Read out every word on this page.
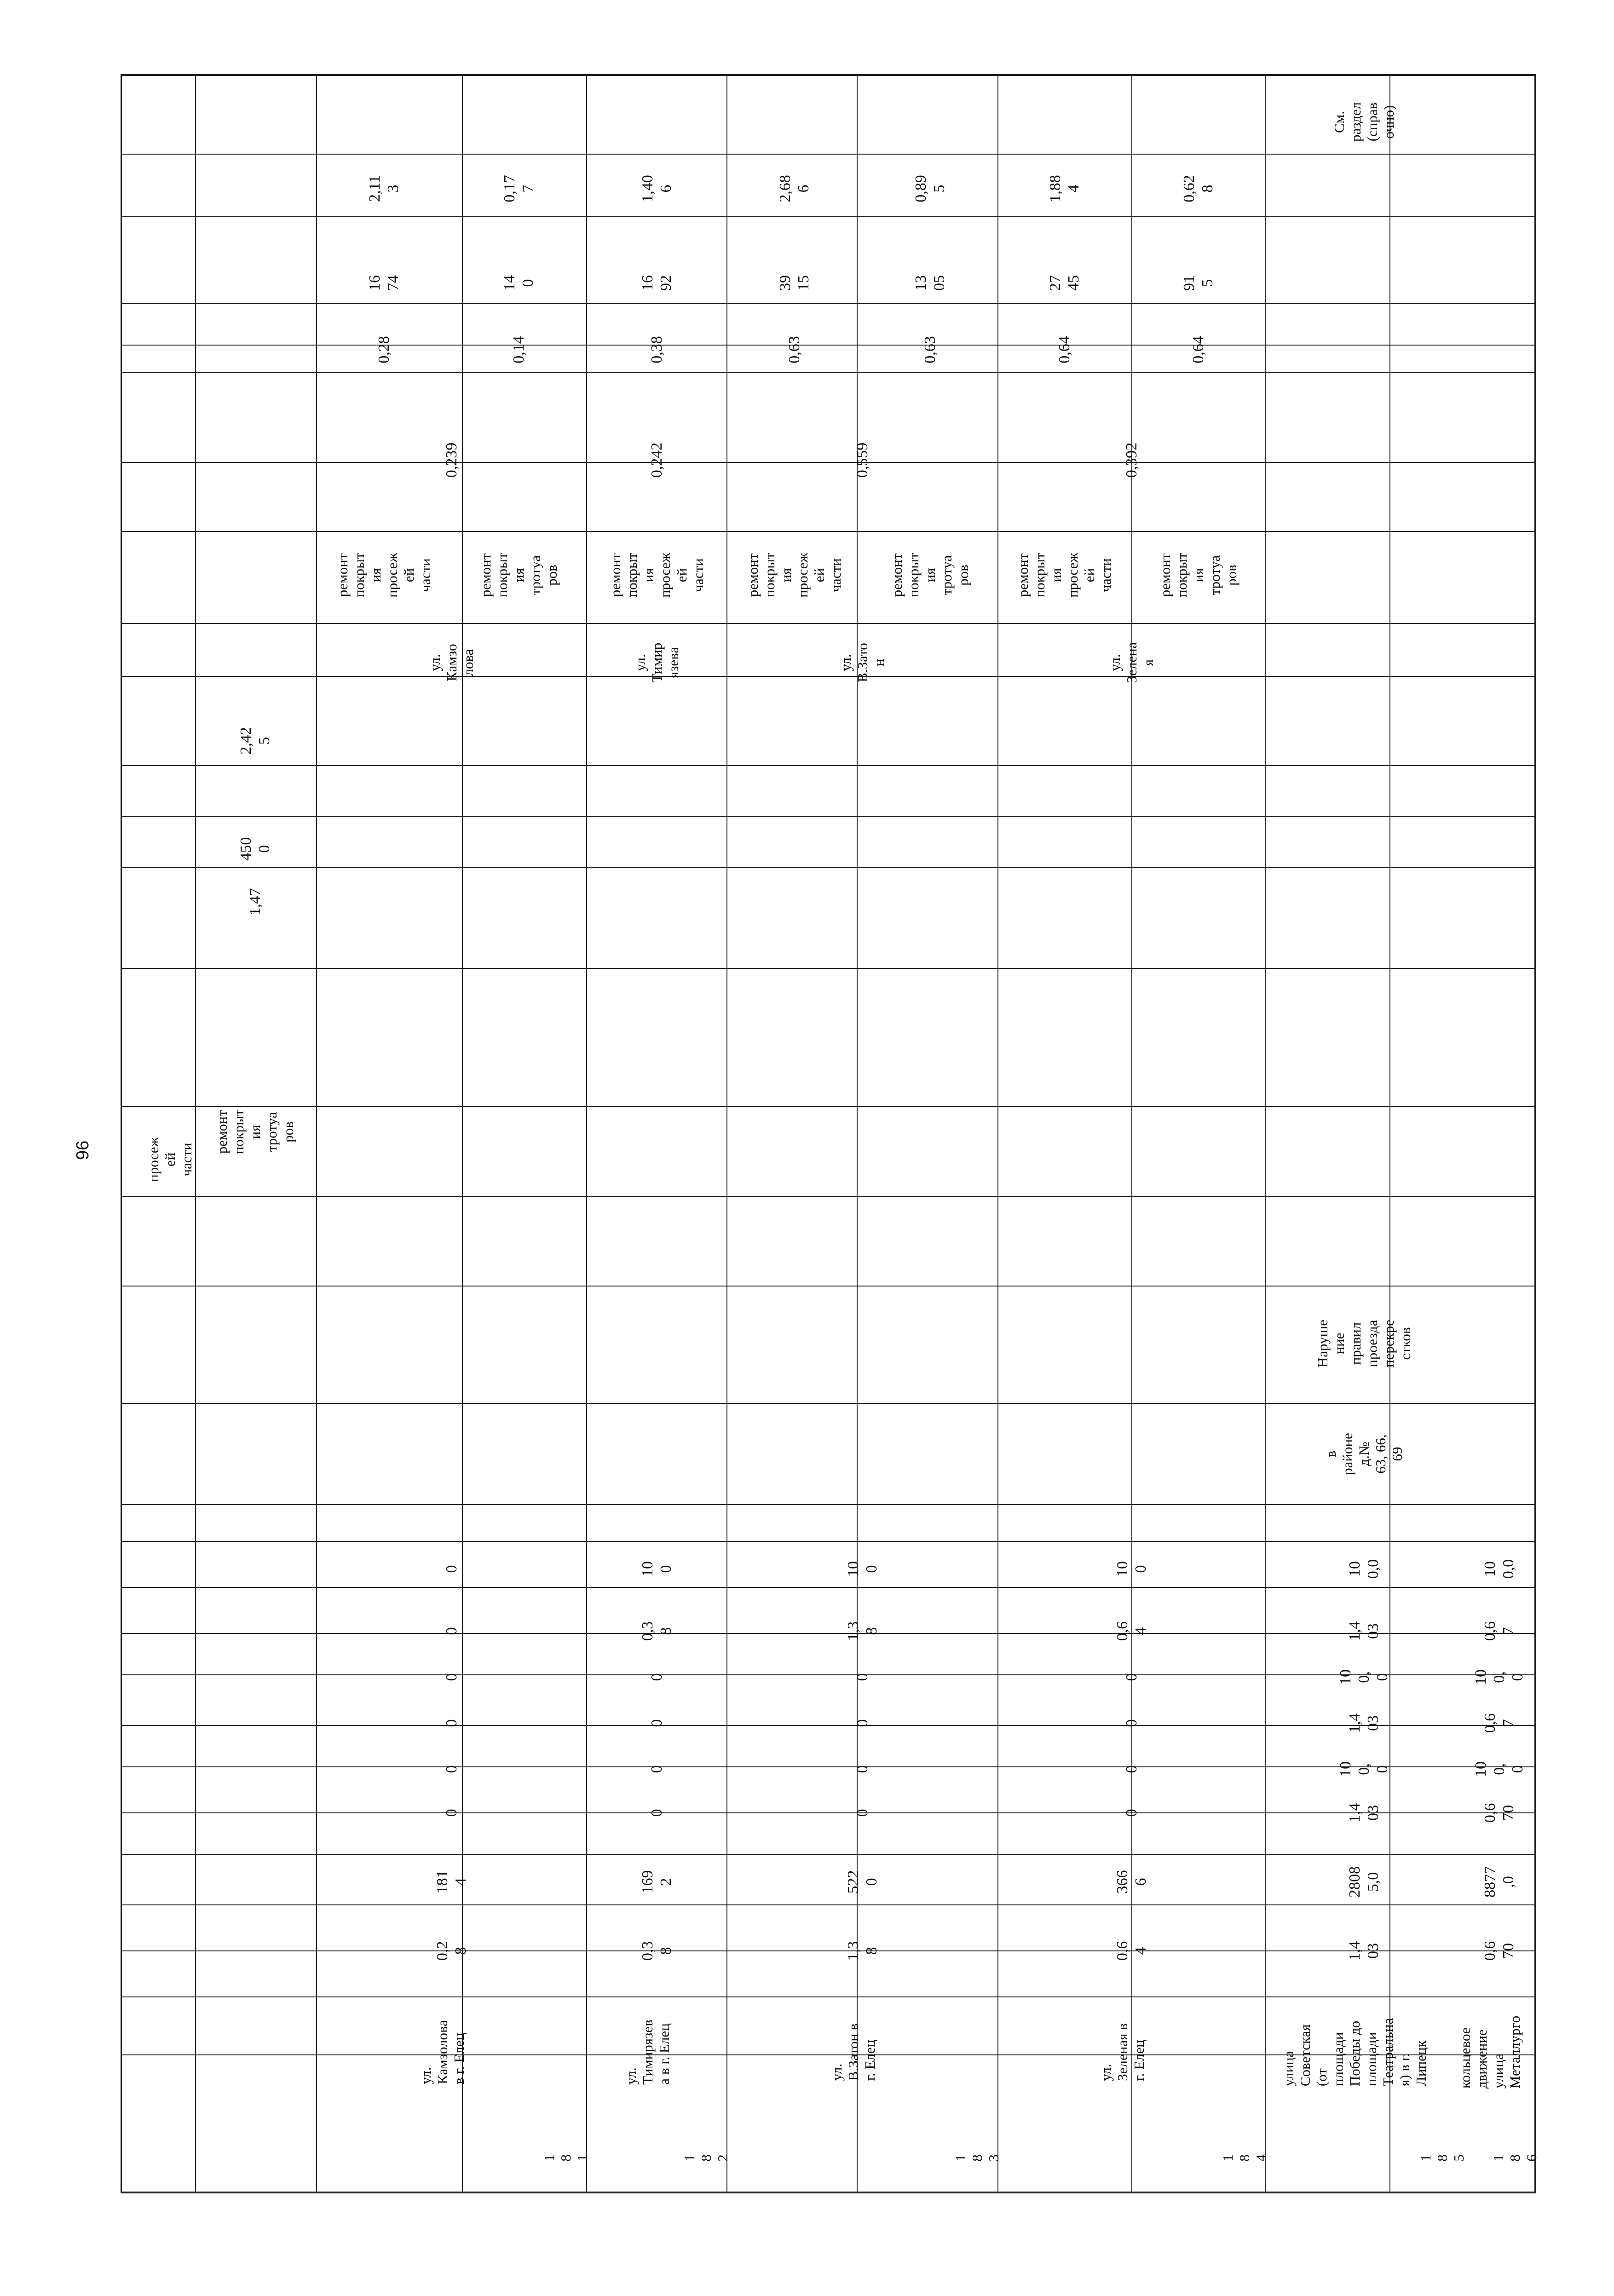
96	просеж
ей
части
ремонт
покрыт
ия
тротуа
ров
1,47
450
0
2,42
5
1
8
1
ул.
Камзолова
в г. Елец
0,2
8
181
4
0
0
0
0
0
0
ул.
Камзо
лова
ремонт
покрыт
ия
просеж
ей
части
0,239
0,28
16
74
2,11
3
ремонт
покрыт
ия
тротуа
ров
0,14
14
0
0,17
7
1
8
2
ул.
Тимирязев
а в г. Елец
0,3
8
169
2
0
0
0
0
0,3
8
10
0
ул.
Тимир
язева
ремонт
покрыт
ия
просеж
ей
части
0,242
0,38
16
92
1,40
6
1
8
3
ул.
В.Затон в
г. Елец
1,3
8
522
0
0
0
0
0
1,3
8
10
0
ул.
В.Зато
н
ремонт
покрыт
ия
просеж
ей
части
0,559
0,63
39
15
2,68
6
ремонт
покрыт
ия
тротуа
ров
0,63
13
05
0,89
5
1
8
4
ул.
Зеленая в
г. Елец
0,6
4
366
6
0
0
0
0
0,6
4
10
0
ул.
Зелена
я
ремонт
покрыт
ия
просеж
ей
части
0,392
0,64
27
45
1,88
4
ремонт
покрыт
ия
тротуа
ров
0,64
91
5
0,62
8
1
8
5
улица
Советская
(от
площади
Победы до
площади
Театральна
я) в г.
Липецк
1,4
03
2808
5,0
1,4
03
10
0,
0
1,4
03
10
0,
0
1,4
03
10
0,0
в
районе
д.№
63, 66,
69
Наруше
ние
правил
проезда
перекре
стков
См.
раздел
(справ
очно)
1
8
6
кольцевое
движение
улица
Металлурго
0,6
70
8877
,0
0,6
70
10
0,
0
0,6
7
10
0,
0
0,6
7
10
0,0
